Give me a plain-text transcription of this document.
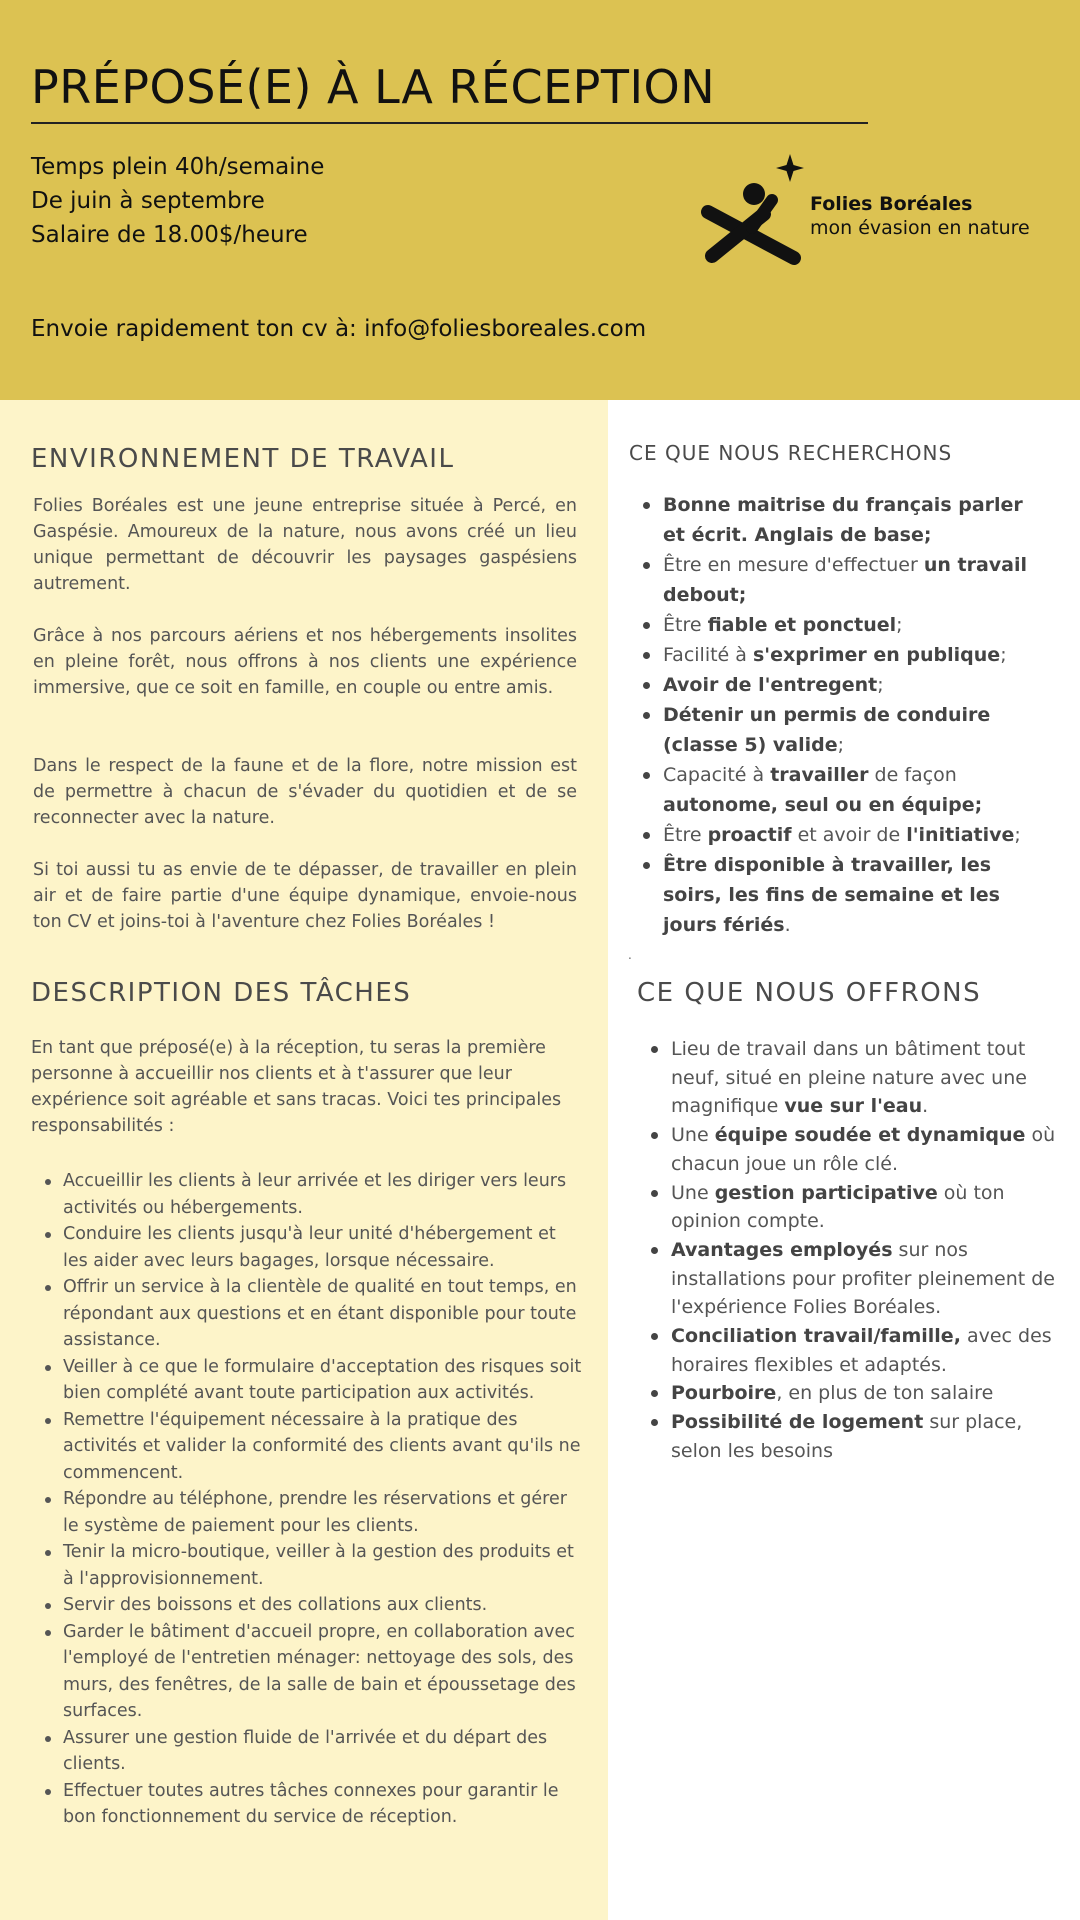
PRÉPOSÉ(E) À LA RÉCEPTION
Temps plein 40h/semaine
De juin à septembre
Salaire de 18.00$/heure
Envoie rapidement ton cv à: info@foliesboreales.com
Folies Boréales
mon évasion en nature
ENVIRONNEMENT DE TRAVAIL
Folies Boréales est une jeune entreprise située à Percé, en Gaspésie. Amoureux de la nature, nous avons créé un lieu unique permettant de découvrir les paysages gaspésiens autrement.
Grâce à nos parcours aériens et nos hébergements insolites en pleine forêt, nous offrons à nos clients une expérience immersive, que ce soit en famille, en couple ou entre amis.
Dans le respect de la faune et de la flore, notre mission est de permettre à chacun de s'évader du quotidien et de se reconnecter avec la nature.
Si toi aussi tu as envie de te dépasser, de travailler en plein air et de faire partie d'une équipe dynamique, envoie-nous ton CV et joins-toi à l'aventure chez Folies Boréales !
DESCRIPTION DES TÂCHES
En tant que préposé(e) à la réception, tu seras la première personne à accueillir nos clients et à t'assurer que leur expérience soit agréable et sans tracas. Voici tes principales responsabilités :
Accueillir les clients à leur arrivée et les diriger vers leurs activités ou hébergements.
Conduire les clients jusqu'à leur unité d'hébergement et les aider avec leurs bagages, lorsque nécessaire.
Offrir un service à la clientèle de qualité en tout temps, en répondant aux questions et en étant disponible pour toute assistance.
Veiller à ce que le formulaire d'acceptation des risques soit bien complété avant toute participation aux activités.
Remettre l'équipement nécessaire à la pratique des activités et valider la conformité des clients avant qu'ils ne commencent.
Répondre au téléphone, prendre les réservations et gérer le système de paiement pour les clients.
Tenir la micro-boutique, veiller à la gestion des produits et à l'approvisionnement.
Servir des boissons et des collations aux clients.
Garder le bâtiment d'accueil propre, en collaboration avec l'employé de l'entretien ménager: nettoyage des sols, des murs, des fenêtres, de la salle de bain et époussetage des surfaces.
Assurer une gestion fluide de l'arrivée et du départ des clients.
Effectuer toutes autres tâches connexes pour garantir le bon fonctionnement du service de réception.
CE QUE NOUS RECHERCHONS
Bonne maitrise du français parler et écrit. Anglais de base;
Être en mesure d'effectuer un travail debout;
Être fiable et ponctuel;
Facilité à s'exprimer en publique;
Avoir de l'entregent;
Détenir un permis de conduire (classe 5) valide;
Capacité à travailler de façon autonome, seul ou en équipe;
Être proactif et avoir de l'initiative;
Être disponible à travailler, les soirs, les fins de semaine et les jours fériés.
.
CE QUE NOUS OFFRONS
Lieu de travail dans un bâtiment tout neuf, situé en pleine nature avec une magnifique vue sur l'eau.
Une équipe soudée et dynamique où chacun joue un rôle clé.
Une gestion participative où ton opinion compte.
Avantages employés sur nos installations pour profiter pleinement de l'expérience Folies Boréales.
Conciliation travail/famille, avec des horaires flexibles et adaptés.
Pourboire, en plus de ton salaire
Possibilité de logement sur place, selon les besoins
